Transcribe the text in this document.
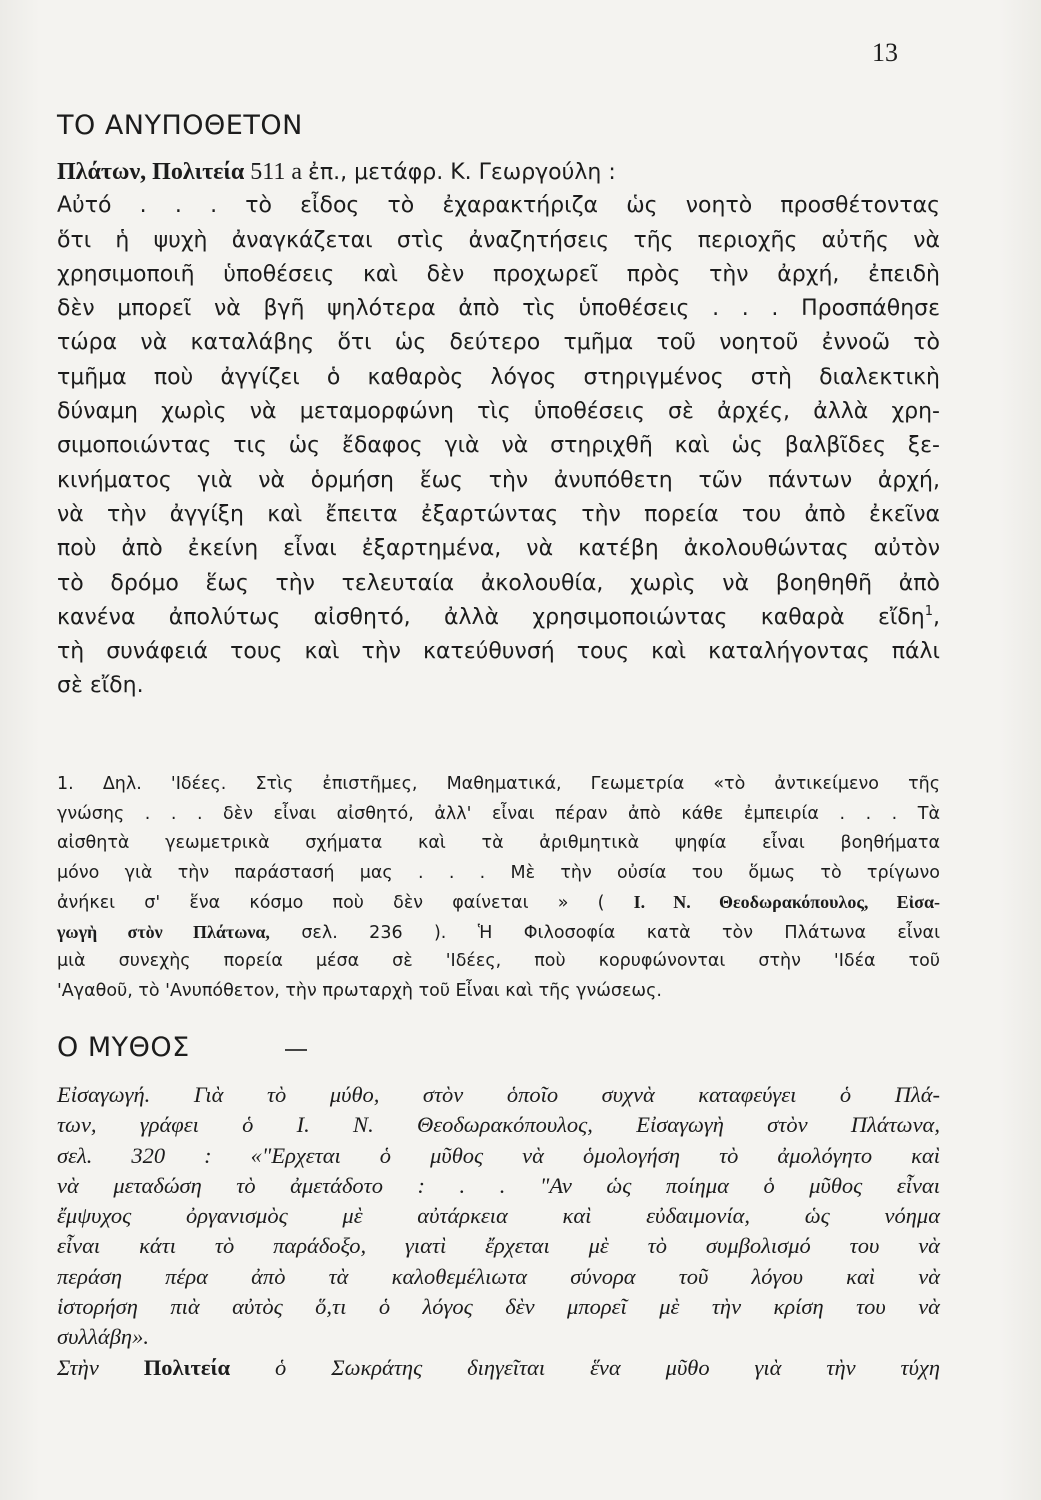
13
ΤΟ ΑΝΥΠΟΘΕΤΟΝ
Πλάτων, Πολιτεία 511 a ἐπ., μετάφρ. Κ. Γεωργούλη :
Αὐτό . . . τὸ εἶδος τὸ ἐχαρακτήριζα ὡς νοητὸ προσθέτοντας
ὅτι ἡ ψυχὴ ἀναγκάζεται στὶς ἀναζητήσεις τῆς περιοχῆς αὐτῆς νὰ
χρησιμοποιῆ ὑποθέσεις καὶ δὲν προχωρεῖ πρὸς τὴν ἀρχή, ἐπειδὴ
δὲν μπορεῖ νὰ βγῆ ψηλότερα ἀπὸ τὶς ὑποθέσεις . . . Προσπάθησε
τώρα νὰ καταλάβης ὅτι ὡς δεύτερο τμῆμα τοῦ νοητοῦ ἐννοῶ τὸ
τμῆμα ποὺ ἀγγίζει ὁ καθαρὸς λόγος στηριγμένος στὴ διαλεκτικὴ
δύναμη χωρὶς νὰ μεταμορφώνη τὶς ὑποθέσεις σὲ ἀρχές, ἀλλὰ χρη-
σιμοποιώντας τις ὡς ἔδαφος γιὰ νὰ στηριχθῆ καὶ ὡς βαλβῖδες ξε-
κινήματος γιὰ νὰ ὁρμήση ἕως τὴν ἀνυπόθετη τῶν πάντων ἀρχή,
νὰ τὴν ἀγγίξη καὶ ἔπειτα ἐξαρτώντας τὴν πορεία του ἀπὸ ἐκεῖνα
ποὺ ἀπὸ ἐκείνη εἶναι ἐξαρτημένα, νὰ κατέβη ἀκολουθώντας αὐτὸν
τὸ δρόμο ἕως τὴν τελευταία ἀκολουθία, χωρὶς νὰ βοηθηθῆ ἀπὸ
κανένα ἀπολύτως αἰσθητό, ἀλλὰ χρησιμοποιώντας καθαρὰ εἴδη$^1$,
τὴ συνάφειά τους καὶ τὴν κατεύθυνσή τους καὶ καταλήγοντας πάλι
σὲ εἴδη.
1. Δηλ. 'Ιδέες. Στὶς ἐπιστῆμες, Μαθηματικά, Γεωμετρία «τὸ ἀντικείμενο τῆς
γνώσης . . . δὲν εἶναι αἰσθητό, ἀλλ' εἶναι πέραν ἀπὸ κάθε ἐμπειρία . . . Τὰ
αἰσθητὰ γεωμετρικὰ σχήματα καὶ τὰ ἀριθμητικὰ ψηφία εἶναι βοηθήματα
μόνο γιὰ τὴν παράστασή μας . . . Μὲ τὴν οὐσία του ὅμως τὸ τρίγωνο
ἀνήκει σ' ἕνα κόσμο ποὺ δὲν φαίνεται » ( Ι. Ν. Θεοδωρακόπουλος, Εἰσα-
γωγὴ στὸν Πλάτωνα, σελ. 236 ). Ἡ Φιλοσοφία κατὰ τὸν Πλάτωνα εἶναι
μιὰ συνεχὴς πορεία μέσα σὲ 'Ιδέες, ποὺ κορυφώνονται στὴν 'Ιδέα τοῦ
'Αγαθοῦ, τὸ 'Ανυπόθετον, τὴν πρωταρχὴ τοῦ Εἶναι καὶ τῆς γνώσεως.
Ο ΜΥΘΟΣ
Εἰσαγωγή. Γιὰ τὸ μύθο, στὸν ὁποῖο συχνὰ καταφεύγει ὁ Πλά-
των, γράφει ὁ Ι. Ν. Θεοδωρακόπουλος, Εἰσαγωγὴ στὸν Πλάτωνα,
σελ. 320 : «"Ερχεται ὁ μῦθος νὰ ὁμολογήση τὸ ἀμολόγητο καὶ
νὰ μεταδώση τὸ ἀμετάδοτο : . . "Αν ὡς ποίημα ὁ μῦθος εἶναι
ἔμψυχος ὀργανισμὸς μὲ αὐτάρκεια καὶ εὐδαιμονία, ὡς νόημα
εἶναι κάτι τὸ παράδοξο, γιατὶ ἔρχεται μὲ τὸ συμβολισμό του νὰ
περάση πέρα ἀπὸ τὰ καλοθεμέλιωτα σύνορα τοῦ λόγου καὶ νὰ
ἱστορήση πιὰ αὐτὸς ὅ,τι ὁ λόγος δὲν μπορεῖ μὲ τὴν κρίση του νὰ
συλλάβη».
Στὴν Πολιτεία ὁ Σωκράτης διηγεῖται ἕνα μῦθο γιὰ τὴν τύχη
